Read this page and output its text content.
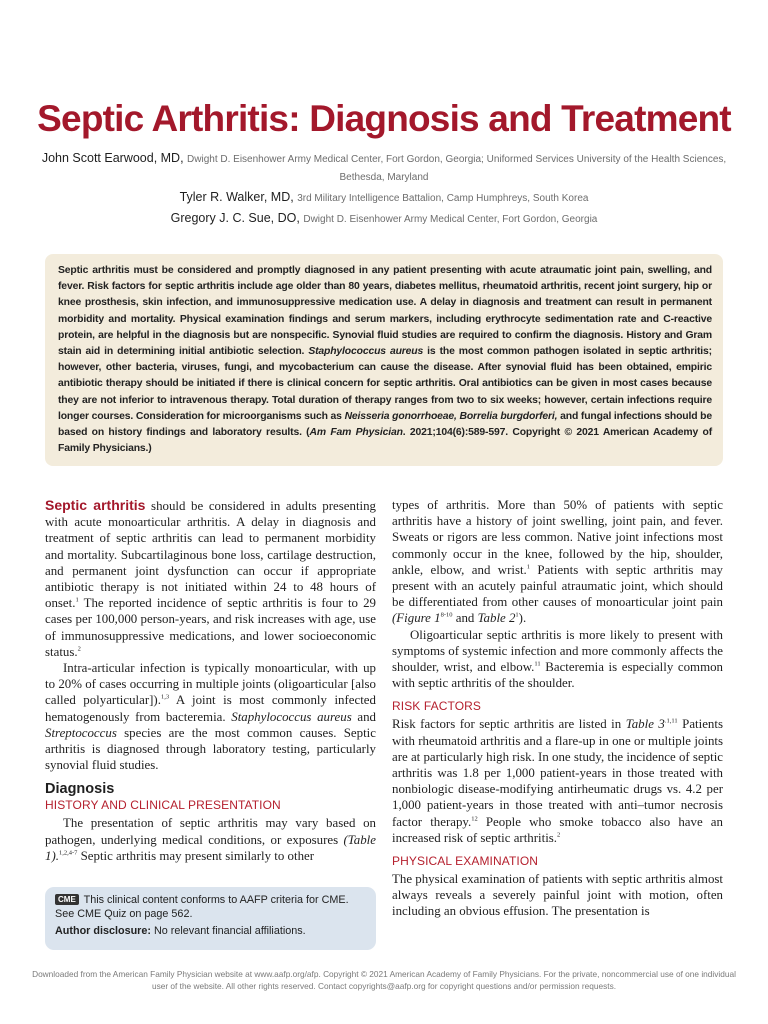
Septic Arthritis: Diagnosis and Treatment
John Scott Earwood, MD, Dwight D. Eisenhower Army Medical Center, Fort Gordon, Georgia; Uniformed Services University of the Health Sciences, Bethesda, Maryland
Tyler R. Walker, MD, 3rd Military Intelligence Battalion, Camp Humphreys, South Korea
Gregory J. C. Sue, DO, Dwight D. Eisenhower Army Medical Center, Fort Gordon, Georgia
Septic arthritis must be considered and promptly diagnosed in any patient presenting with acute atraumatic joint pain, swelling, and fever. Risk factors for septic arthritis include age older than 80 years, diabetes mellitus, rheumatoid arthritis, recent joint surgery, hip or knee prosthesis, skin infection, and immunosuppressive medication use. A delay in diagnosis and treatment can result in permanent morbidity and mortality. Physical examination findings and serum markers, including erythrocyte sedimentation rate and C-reactive protein, are helpful in the diagnosis but are nonspecific. Synovial fluid studies are required to confirm the diagnosis. History and Gram stain aid in determining initial antibiotic selection. Staphylococcus aureus is the most common pathogen isolated in septic arthritis; however, other bacteria, viruses, fungi, and mycobacterium can cause the disease. After synovial fluid has been obtained, empiric antibiotic therapy should be initiated if there is clinical concern for septic arthritis. Oral antibiotics can be given in most cases because they are not inferior to intravenous therapy. Total duration of therapy ranges from two to six weeks; however, certain infections require longer courses. Consideration for microorganisms such as Neisseria gonorrhoeae, Borrelia burgdorferi, and fungal infections should be based on history findings and laboratory results. (Am Fam Physician. 2021;104(6):589-597. Copyright © 2021 American Academy of Family Physicians.)

Septic arthritis should be considered in adults presenting with acute monoarticular arthritis. A delay in diagnosis and treatment of septic arthritis can lead to permanent morbidity and mortality. Subcartilaginous bone loss, cartilage destruction, and permanent joint dysfunction can occur if appropriate antibiotic therapy is not initiated within 24 to 48 hours of onset.$^1$ The reported incidence of septic arthritis is four to 29 cases per 100,000 person-years, and risk increases with age, use of immunosuppressive medications, and lower socioeconomic status.$^2$

Intra-articular infection is typically monoarticular, with up to 20% of cases occurring in multiple joints (oligoarticular [also called polyarticular]).$^{1,3}$ A joint is most commonly infected hematogenously from bacteremia. Staphylococcus aureus and Streptococcus species are the most common causes. Septic arthritis is diagnosed through laboratory testing, particularly synovial fluid studies.

Diagnosis
HISTORY AND CLINICAL PRESENTATION

The presentation of septic arthritis may vary based on pathogen, underlying medical conditions, or exposures (Table 1).$^{1,2,4-7}$ Septic arthritis may present similarly to other

CME This clinical content conforms to AAFP criteria for CME. See CME Quiz on page 562.
Author disclosure: No relevant financial affiliations.

types of arthritis. More than 50% of patients with septic arthritis have a history of joint swelling, joint pain, and fever. Sweats or rigors are less common. Native joint infections most commonly occur in the knee, followed by the hip, shoulder, ankle, elbow, and wrist.$^1$ Patients with septic arthritis may present with an acutely painful atraumatic joint, which should be differentiated from other causes of monoarticular joint pain (Figure 1$^{8-10}$ and Table $2^1$).

Oligoarticular septic arthritis is more likely to present with symptoms of systemic infection and more commonly affects the shoulder, wrist, and elbow.$^{11}$ Bacteremia is especially common with septic arthritis of the shoulder.

RISK FACTORS

Risk factors for septic arthritis are listed in Table $3^{.1,11}$ Patients with rheumatoid arthritis and a flare-up in one or multiple joints are at particularly high risk. In one study, the incidence of septic arthritis was 1.8 per 1,000 patient-years in those treated with nonbiologic disease-modifying antirheumatic drugs vs. 4.2 per 1,000 patient-years in those treated with anti–tumor necrosis factor therapy.$^{12}$ People who smoke tobacco also have an increased risk of septic arthritis.$^2$

PHYSICAL EXAMINATION

The physical examination of patients with septic arthritis almost always reveals a severely painful joint with motion, often including an obvious effusion. The presentation is

Downloaded from the American Family Physician website at www.aafp.org/afp. Copyright © 2021 American Academy of Family Physicians. For the private, noncommercial use of one individual user of the website. All other rights reserved. Contact copyrights@aafp.org for copyright questions and/or permission requests.
